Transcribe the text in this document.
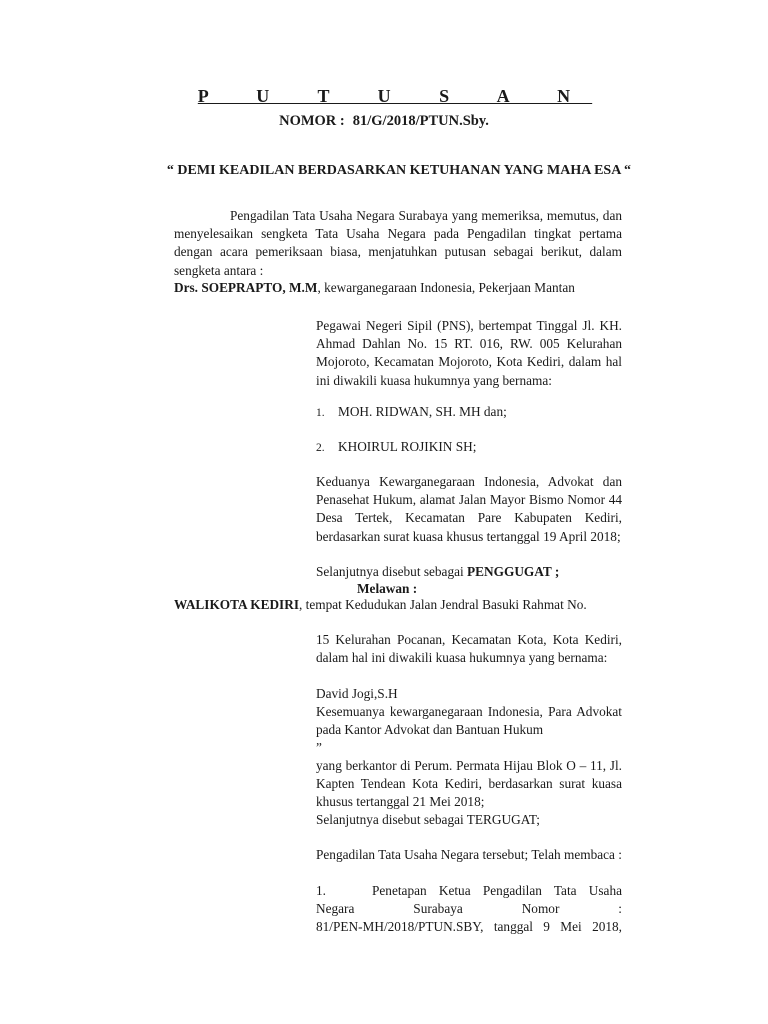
P U T U S A N
NOMOR : 81/G/2018/PTUN.Sby.
“ DEMI KEADILAN BERDASARKAN KETUHANAN YANG MAHA ESA “
Pengadilan Tata Usaha Negara Surabaya yang memeriksa, memutus, dan menyelesaikan sengketa Tata Usaha Negara pada Pengadilan tingkat pertama dengan acara pemeriksaan biasa, menjatuhkan putusan sebagai berikut, dalam sengketa antara :
Drs. SOEPRAPTO, M.M, kewarganegaraan Indonesia, Pekerjaan Mantan
Pegawai Negeri Sipil (PNS), bertempat Tinggal Jl. KH. Ahmad Dahlan No. 15 RT. 016, RW. 005 Kelurahan Mojoroto, Kecamatan Mojoroto, Kota Kediri, dalam hal ini diwakili kuasa hukumnya yang bernama:
1. MOH. RIDWAN, SH. MH dan;
2. KHOIRUL ROJIKIN SH;
Keduanya Kewarganegaraan Indonesia, Advokat dan Penasehat Hukum, alamat Jalan Mayor Bismo Nomor 44 Desa Tertek, Kecamatan Pare Kabupaten Kediri, berdasarkan surat kuasa khusus tertanggal 19 April 2018;
Selanjutnya disebut sebagai PENGGUGAT ;
Melawan :
WALIKOTA KEDIRI, tempat Kedudukan Jalan Jendral Basuki Rahmat No.
15 Kelurahan Pocanan, Kecamatan Kota, Kota Kediri, dalam hal ini diwakili kuasa hukumnya yang bernama:
David Jogi,S.H
Kesemuanya kewarganegaraan Indonesia, Para Advokat pada Kantor Advokat dan Bantuan Hukum
”
yang berkantor di Perum. Permata Hijau Blok O – 11, Jl. Kapten Tendean Kota Kediri, berdasarkan surat kuasa khusus tertanggal 21 Mei 2018;
Selanjutnya disebut sebagai TERGUGAT;
Pengadilan Tata Usaha Negara tersebut; Telah membaca :
1.	Penetapan Ketua Pengadilan Tata Usaha
Negara Surabaya Nomor :
81/PEN-MH/2018/PTUN.SBY, tanggal 9 Mei 2018,
